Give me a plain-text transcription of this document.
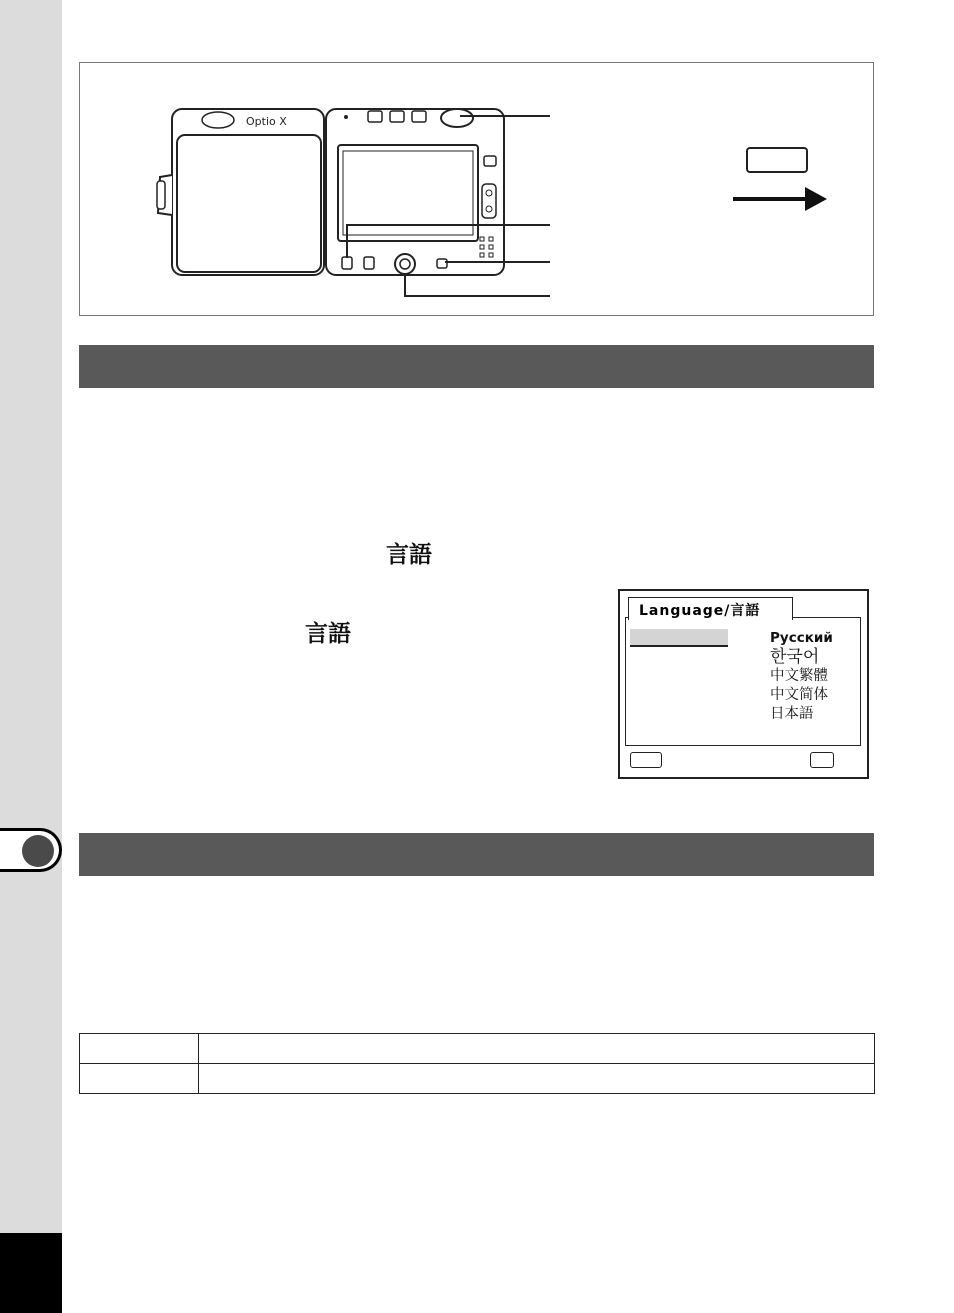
Optio X
言語
言語
Language/言語
Русский
한국어
中文繁體
中文简体
日本語
